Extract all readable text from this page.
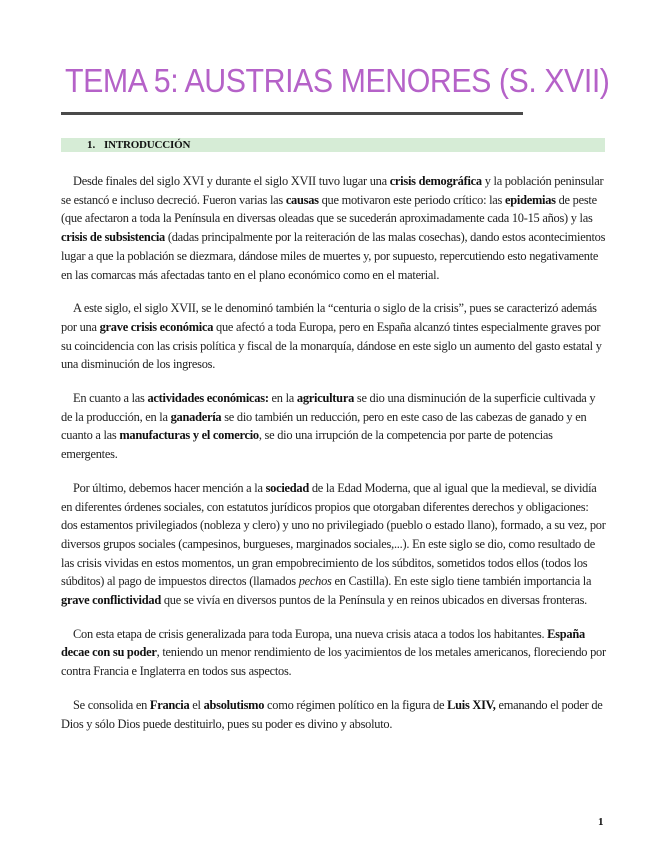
TEMA 5: AUSTRIAS MENORES (S. XVII)
1. INTRODUCCIÓN

Desde finales del siglo XVI y durante el siglo XVII tuvo lugar una crisis demográfica y la población peninsular se estancó e incluso decreció. Fueron varias las causas que motivaron este periodo crítico: las epidemias de peste (que afectaron a toda la Península en diversas oleadas que se sucederán aproximadamente cada 10-15 años) y las crisis de subsistencia (dadas principalmente por la reiteración de las malas cosechas), dando estos acontecimientos lugar a que la población se diezmara, dándose miles de muertes y, por supuesto, repercutiendo esto negativamente en las comarcas más afectadas tanto en el plano económico como en el material.

A este siglo, el siglo XVII, se le denominó también la “centuria o siglo de la crisis”, pues se caracterizó además por una grave crisis económica que afectó a toda Europa, pero en España alcanzó tintes especialmente graves por su coincidencia con las crisis política y fiscal de la monarquía, dándose en este siglo un aumento del gasto estatal y una disminución de los ingresos.

En cuanto a las actividades económicas: en la agricultura se dio una disminución de la superficie cultivada y de la producción, en la ganadería se dio también un reducción, pero en este caso de las cabezas de ganado y en cuanto a las manufacturas y el comercio, se dio una irrupción de la competencia por parte de potencias emergentes.

Por último, debemos hacer mención a la sociedad de la Edad Moderna, que al igual que la medieval, se dividía en diferentes órdenes sociales, con estatutos jurídicos propios que otorgaban diferentes derechos y obligaciones: dos estamentos privilegiados (nobleza y clero) y uno no privilegiado (pueblo o estado llano), formado, a su vez, por diversos grupos sociales (campesinos, burgueses, marginados sociales,...). En este siglo se dio, como resultado de las crisis vividas en estos momentos, un gran empobrecimiento de los súbditos, sometidos todos ellos (todos los súbditos) al pago de impuestos directos (llamados pechos en Castilla). En este siglo tiene también importancia la grave conflictividad que se vivía en diversos puntos de la Península y en reinos ubicados en diversas fronteras.

Con esta etapa de crisis generalizada para toda Europa, una nueva crisis ataca a todos los habitantes. España decae con su poder, teniendo un menor rendimiento de los yacimientos de los metales americanos, floreciendo por contra Francia e Inglaterra en todos sus aspectos.

Se consolida en Francia el absolutismo como régimen político en la figura de Luis XIV, emanando el poder de Dios y sólo Dios puede destituirlo, pues su poder es divino y absoluto.

1
